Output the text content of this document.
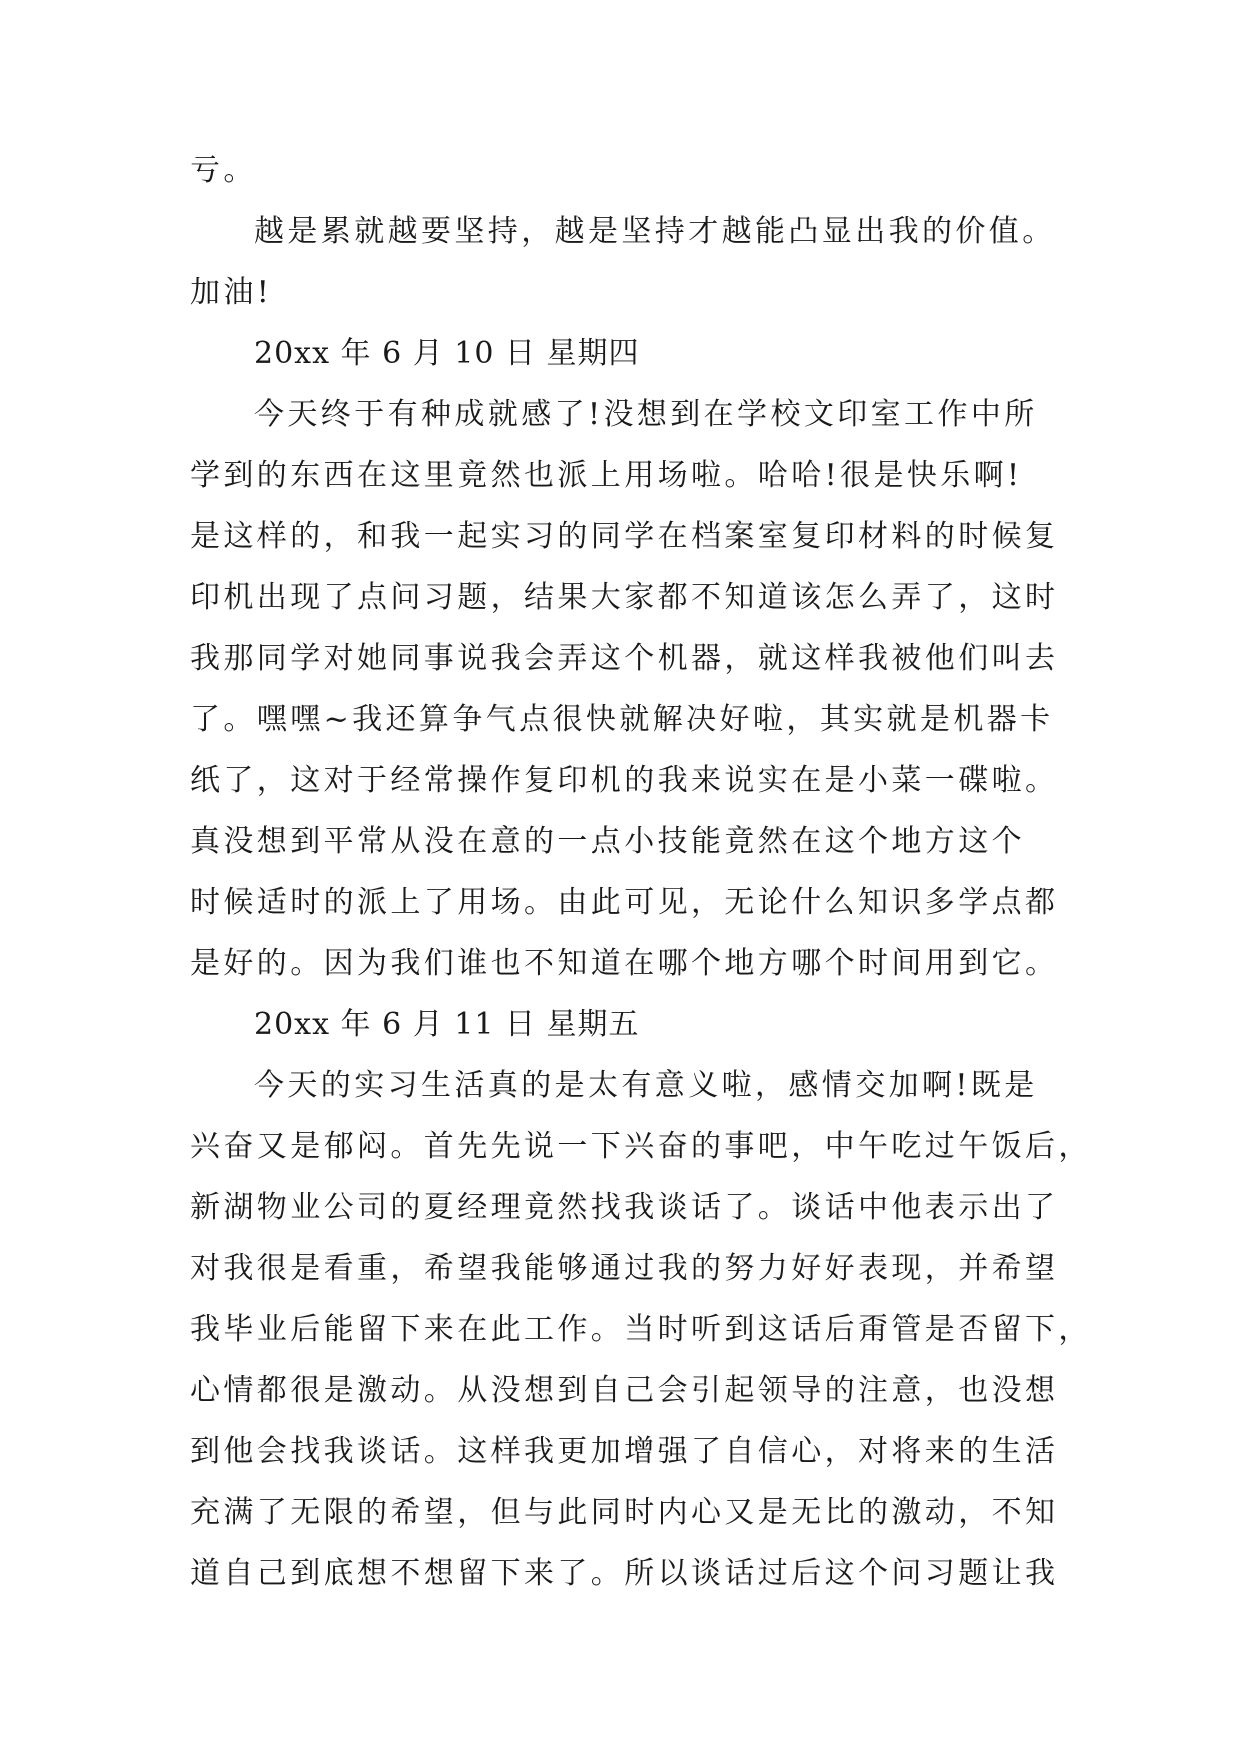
亏。

越是累就越要坚持，越是坚持才越能凸显出我的价值。

加油!

20xx 年 6 月 10 日 星期四

今天终于有种成就感了!没想到在学校文印室工作中所

学到的东西在这里竟然也派上用场啦。哈哈!很是快乐啊!

是这样的，和我一起实习的同学在档案室复印材料的时候复

印机出现了点问习题，结果大家都不知道该怎么弄了，这时

我那同学对她同事说我会弄这个机器，就这样我被他们叫去

了。嘿嘿~我还算争气点很快就解决好啦，其实就是机器卡

纸了，这对于经常操作复印机的我来说实在是小菜一碟啦。

真没想到平常从没在意的一点小技能竟然在这个地方这个

时候适时的派上了用场。由此可见，无论什么知识多学点都

是好的。因为我们谁也不知道在哪个地方哪个时间用到它。

20xx 年 6 月 11 日 星期五

今天的实习生活真的是太有意义啦，感情交加啊!既是

兴奋又是郁闷。首先先说一下兴奋的事吧，中午吃过午饭后，

新湖物业公司的夏经理竟然找我谈话了。谈话中他表示出了

对我很是看重，希望我能够通过我的努力好好表现，并希望

我毕业后能留下来在此工作。当时听到这话后甭管是否留下，

心情都很是激动。从没想到自己会引起领导的注意，也没想

到他会找我谈话。这样我更加增强了自信心，对将来的生活

充满了无限的希望，但与此同时内心又是无比的激动，不知

道自己到底想不想留下来了。所以谈话过后这个问习题让我
